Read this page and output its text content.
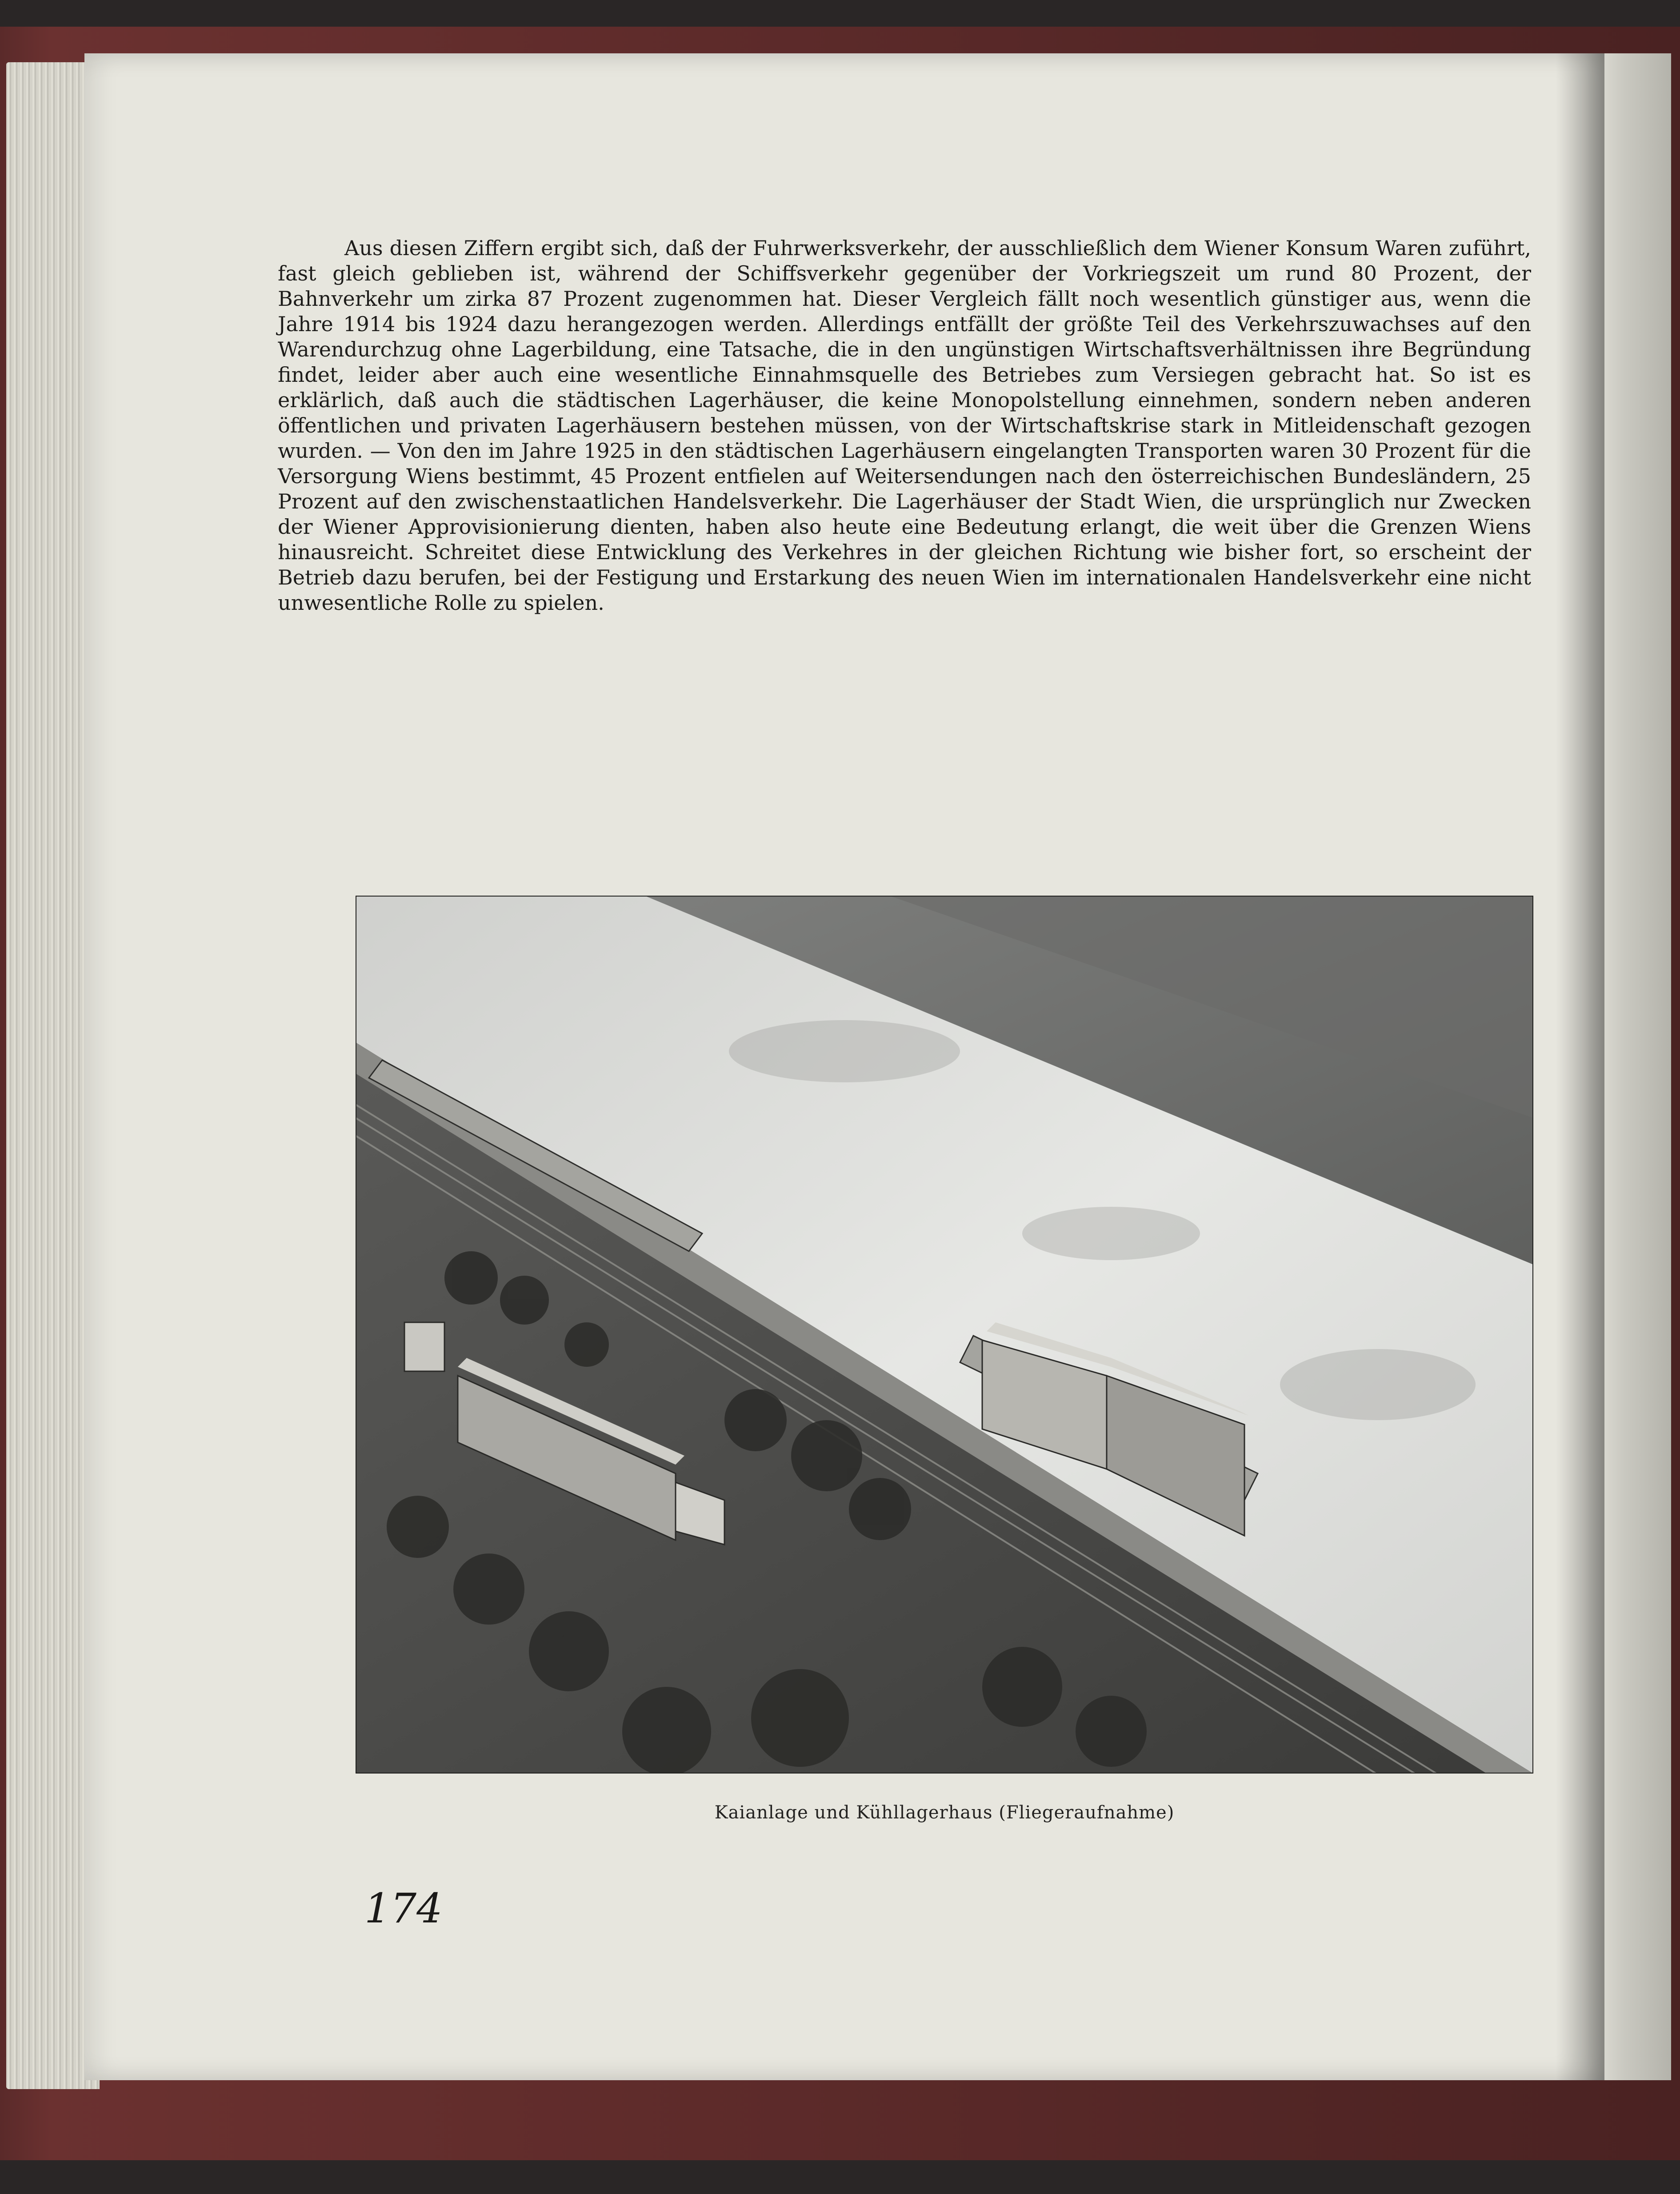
Aus diesen Ziffern ergibt sich, daß der Fuhrwerksverkehr, der ausschließlich dem Wiener Konsum Waren zuführt, fast gleich geblieben ist, während der Schiffsverkehr gegenüber der Vorkriegszeit um rund 80 Prozent, der Bahnverkehr um zirka 87 Prozent zugenommen hat. Dieser Vergleich fällt noch wesentlich günstiger aus, wenn die Jahre 1914 bis 1924 dazu herangezogen werden. Allerdings entfällt der größte Teil des Verkehrszuwachses auf den Warendurchzug ohne Lagerbildung, eine Tatsache, die in den ungünstigen Wirtschaftsverhältnissen ihre Begründung findet, leider aber auch eine wesentliche Einnahmsquelle des Betriebes zum Versiegen gebracht hat. So ist es erklärlich, daß auch die städtischen Lagerhäuser, die keine Monopolstellung einnehmen, sondern neben anderen öffentlichen und privaten Lagerhäusern bestehen müssen, von der Wirtschaftskrise stark in Mitleidenschaft gezogen wurden. — Von den im Jahre 1925 in den städtischen Lagerhäusern eingelangten Transporten waren 30 Prozent für die Versorgung Wiens bestimmt, 45 Prozent entfielen auf Weitersendungen nach den österreichischen Bundesländern, 25 Prozent auf den zwischenstaatlichen Handelsverkehr. Die Lagerhäuser der Stadt Wien, die ursprünglich nur Zwecken der Wiener Approvisionierung dienten, haben also heute eine Bedeutung erlangt, die weit über die Grenzen Wiens hinausreicht. Schreitet diese Entwicklung des Verkehres in der gleichen Richtung wie bisher fort, so erscheint der Betrieb dazu berufen, bei der Festigung und Erstarkung des neuen Wien im internationalen Handelsverkehr eine nicht unwesentliche Rolle zu spielen.

Kaianlage und Kühllagerhaus (Fliegeraufnahme)
174
